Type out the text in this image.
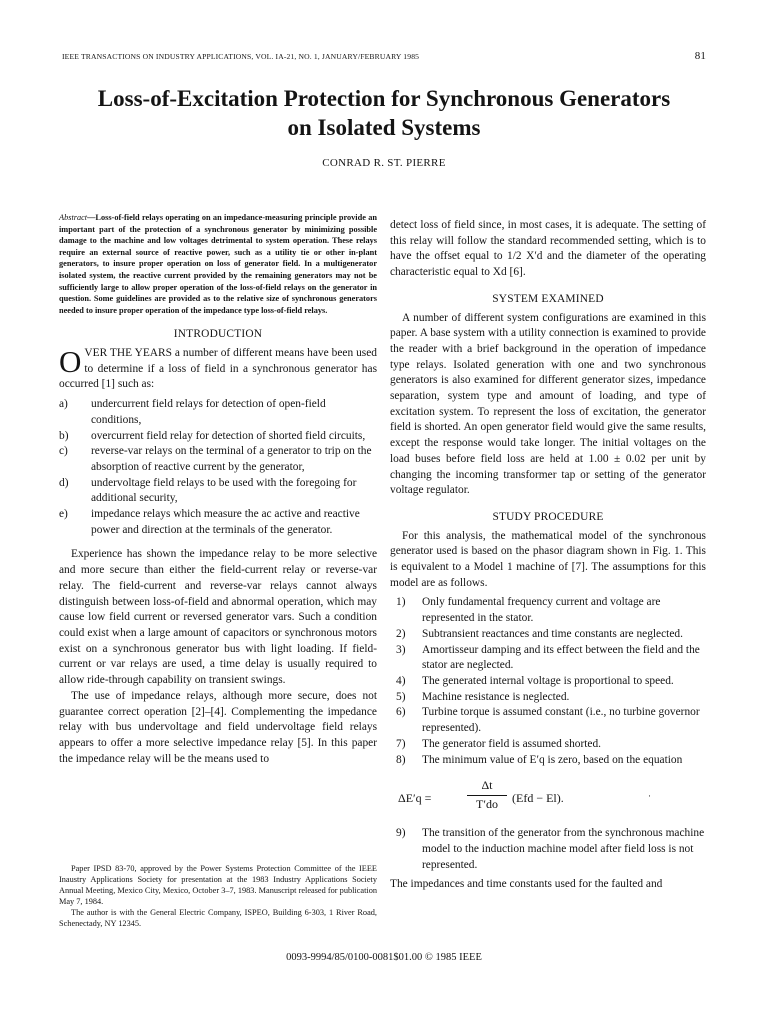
IEEE TRANSACTIONS ON INDUSTRY APPLICATIONS, VOL. IA-21, NO. 1, JANUARY/FEBRUARY 1985	81
Loss-of-Excitation Protection for Synchronous Generators
on Isolated Systems
CONRAD R. ST. PIERRE

Abstract—Loss-of-field relays operating on an impedance-measuring principle provide an important part of the protection of a synchronous generator by minimizing possible damage to the machine and low voltages detrimental to system operation. These relays require an external source of reactive power, such as a utility tie or other in-plant generators, to insure proper operation on loss of generator field. In a multigenerator isolated system, the reactive current provided by the remaining generators may not be sufficiently large to allow proper operation of the loss-of-field relays on the generator in question. Some guidelines are provided as to the relative size of synchronous generators needed to insure proper operation of the impedance type loss-of-field relays.

INTRODUCTION

OVER THE YEARS a number of different means have been used to determine if a loss of field in a synchronous generator has occurred [1] such as:

a) undercurrent field relays for detection of open-field conditions,
b) overcurrent field relay for detection of shorted field circuits,
c) reverse-var relays on the terminal of a generator to trip on the absorption of reactive current by the generator,
d) undervoltage field relays to be used with the foregoing for additional security,
e) impedance relays which measure the ac active and reactive power and direction at the terminals of the generator.

Experience has shown the impedance relay to be more selective and more secure than either the field-current relay or reverse-var relay. The field-current and reverse-var relays cannot always distinguish between loss-of-field and abnormal operation, which may cause low field current or reversed generator vars. Such a condition could exist when a large amount of capacitors or synchronous motors exist on a synchronous generator bus with light loading. If field-current or var relays are used, a time delay is usually required to allow ride-through capability on transient swings.

The use of impedance relays, although more secure, does not guarantee correct operation [2]–[4]. Complementing the impedance relay with bus undervoltage and field undervoltage field relays appears to offer a more selective impedance relay [5]. In this paper the impedance relay will be the means used to

Paper IPSD 83-70, approved by the Power Systems Protection Committee of the IEEE Inaustry Applications Society for presentation at the 1983 Industry Applications Society Annual Meeting, Mexico City, Mexico, October 3–7, 1983. Manuscript released for publication May 7, 1984.

The author is with the General Electric Company, ISPEO, Building 6-303, 1 River Road, Schenectady, NY 12345.

detect loss of field since, in most cases, it is adequate. The setting of this relay will follow the standard recommended setting, which is to have the offset equal to 1/2 X′d and the diameter of the operating characteristic equal to Xd [6].

SYSTEM EXAMINED

A number of different system configurations are examined in this paper. A base system with a utility connection is examined to provide the reader with a brief background in the operation of impedance type relays. Isolated generation with one and two synchronous generators is also examined for different generator sizes, impedance separation, system type and amount of loading, and type of excitation system. To represent the loss of excitation, the generator field is shorted. An open generator field would give the same results, except the response would take longer. The initial voltages on the load buses before field loss are held at 1.00 ± 0.02 per unit by changing the incoming transformer tap or setting of the generator voltage regulator.

STUDY PROCEDURE

For this analysis, the mathematical model of the synchronous generator used is based on the phasor diagram shown in Fig. 1. This is equivalent to a Model 1 machine of [7]. The assumptions for this model are as follows.

1) Only fundamental frequency current and voltage are represented in the stator.
2) Subtransient reactances and time constants are neglected.
3) Amortisseur damping and its effect between the field and the stator are neglected.
4) The generated internal voltage is proportional to speed.
5) Machine resistance is neglected.
6) Turbine torque is assumed constant (i.e., no turbine governor represented).
7) The generator field is assumed shorted.
8) The minimum value of E′q is zero, based on the equation
ΔE′q =
Δt
T′do	(Efd − El).	·
9) The transition of the generator from the synchronous machine model to the induction machine model after field loss is not represented.

The impedances and time constants used for the faulted and

0093-9994/85/0100-0081$01.00 © 1985 IEEE
